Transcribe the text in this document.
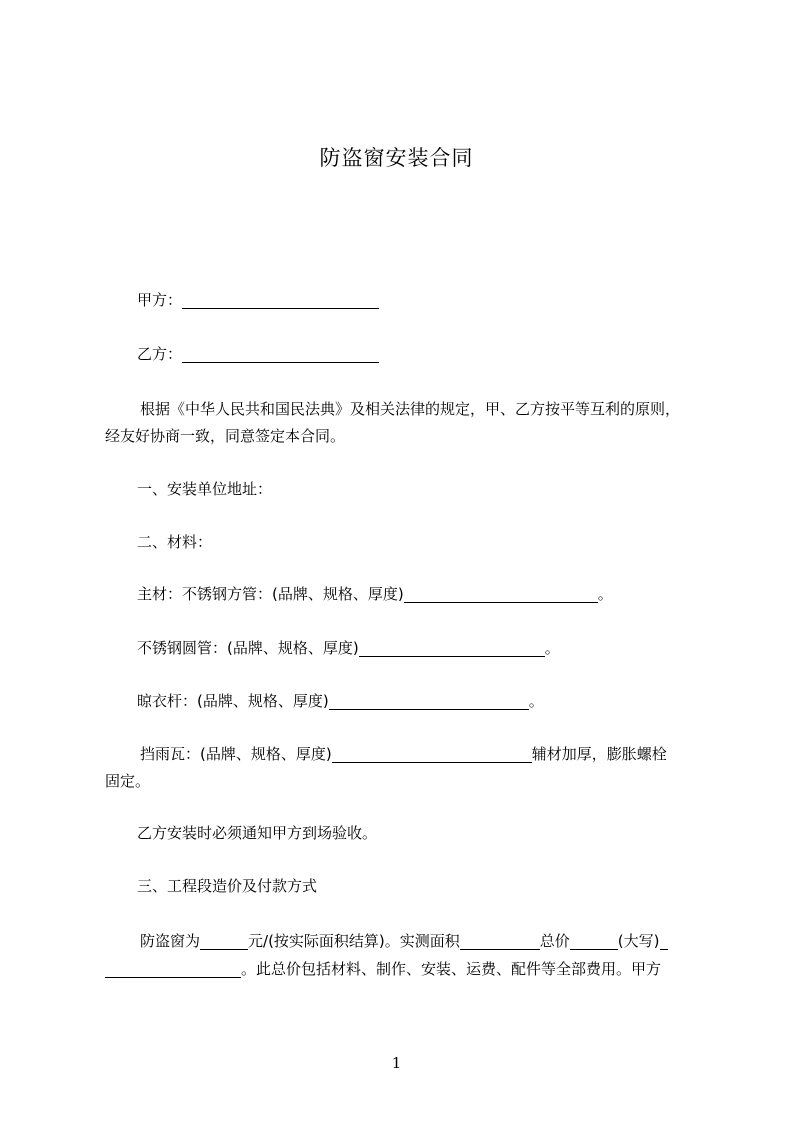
防盗窗安装合同
甲方：
乙方：
根据《中华人民共和国民法典》及相关法律的规定，甲、乙方按平等互利的原则，
经友好协商一致，同意签定本合同。
一、安装单位地址：
二、材料：
主材：不锈钢方管：(品牌、规格、厚度)	。
不锈钢圆管：(品牌、规格、厚度)	。
晾衣杆：(品牌、规格、厚度)	。
挡雨瓦：(品牌、规格、厚度)	辅材加厚，膨胀螺栓
固定。
乙方安装时必须通知甲方到场验收。
三、工程段造价及付款方式
防盗窗为	元/(按实际面积结算)。实测面积	总价	(大写)
。此总价包括材料、制作、安装、运费、配件等全部费用。甲方
1
